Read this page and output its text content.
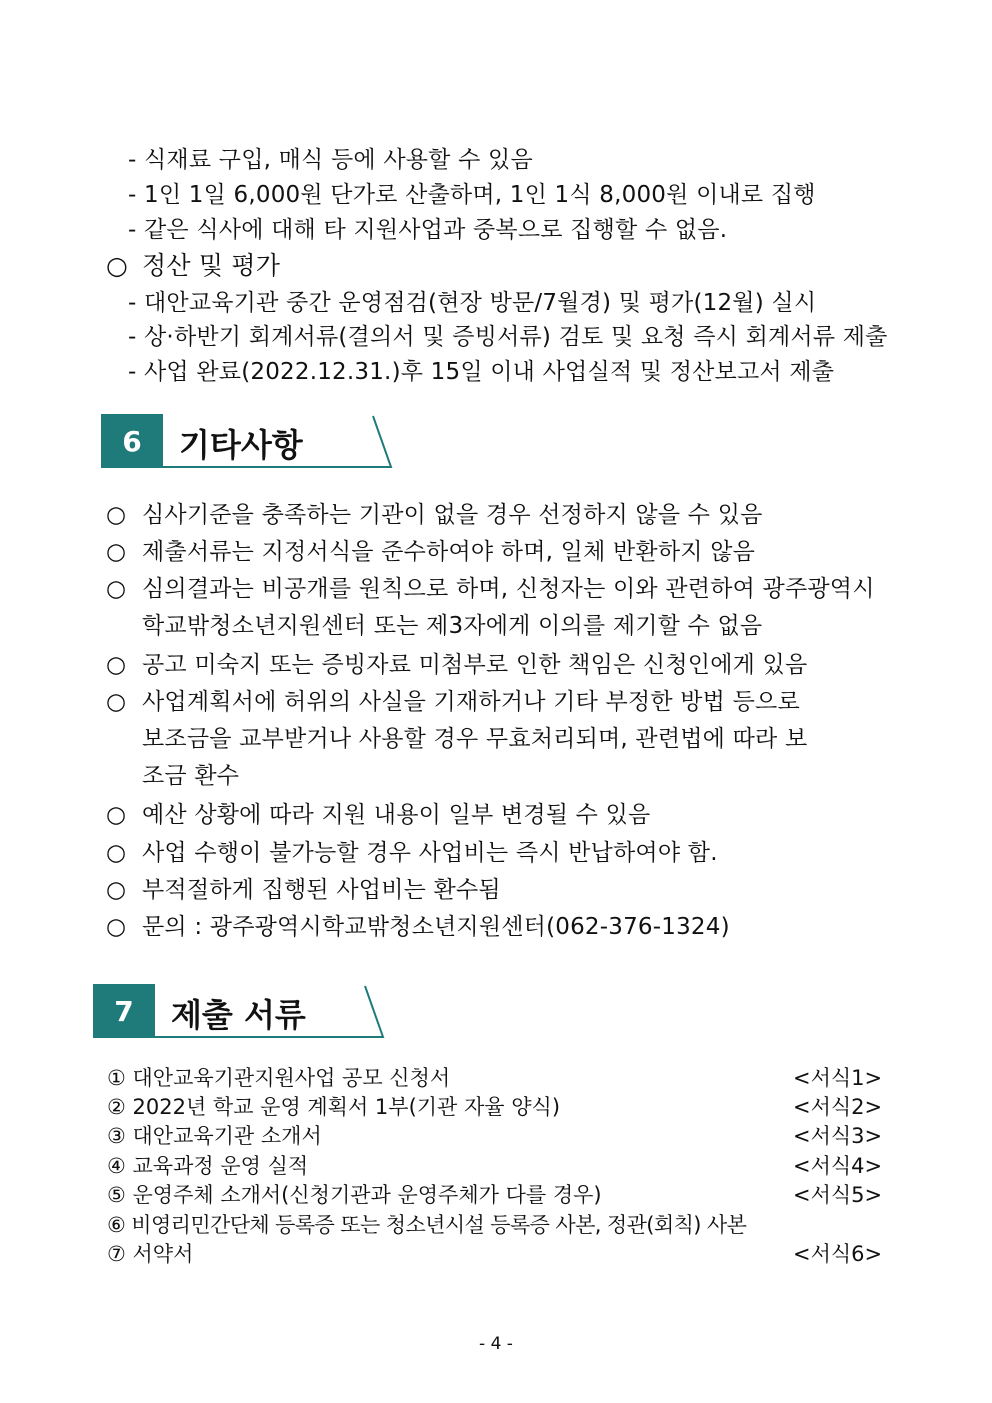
- 식재료 구입, 매식 등에 사용할 수 있음
- 1인 1일 6,000원 단가로 산출하며, 1인 1식 8,000원 이내로 집행
- 같은 식사에 대해 타 지원사업과 중복으로 집행할 수 없음.
○ 정산 및 평가
- 대안교육기관 중간 운영점검(현장 방문/7월경) 및 평가(12월) 실시
- 상·하반기 회계서류(결의서 및 증빙서류) 검토 및 요청 즉시 회계서류 제출
- 사업 완료(2022.12.31.)후 15일 이내 사업실적 및 정산보고서 제출
6	기타사항
○ 심사기준을 충족하는 기관이 없을 경우 선정하지 않을 수 있음
○ 제출서류는 지정서식을 준수하여야 하며, 일체 반환하지 않음
○ 심의결과는 비공개를 원칙으로 하며, 신청자는 이와 관련하여 광주광역시
학교밖청소년지원센터 또는 제3자에게 이의를 제기할 수 없음
○ 공고 미숙지 또는 증빙자료 미첨부로 인한 책임은 신청인에게 있음
○ 사업계획서에 허위의 사실을 기재하거나 기타 부정한 방법 등으로
보조금을 교부받거나 사용할 경우 무효처리되며, 관련법에 따라 보
조금 환수
○ 예산 상황에 따라 지원 내용이 일부 변경될 수 있음
○ 사업 수행이 불가능할 경우 사업비는 즉시 반납하여야 함.
○ 부적절하게 집행된 사업비는 환수됨
○ 문의 : 광주광역시학교밖청소년지원센터(062-376-1324)
7	제출 서류
① 대안교육기관지원사업 공모 신청서	<서식1>
② 2022년 학교 운영 계획서 1부(기관 자율 양식)	<서식2>
③ 대안교육기관 소개서	<서식3>
④ 교육과정 운영 실적	<서식4>
⑤ 운영주체 소개서(신청기관과 운영주체가 다를 경우)	<서식5>
⑥ 비영리민간단체 등록증 또는 청소년시설 등록증 사본, 정관(회칙) 사본
⑦ 서약서	<서식6>
- 4 -
